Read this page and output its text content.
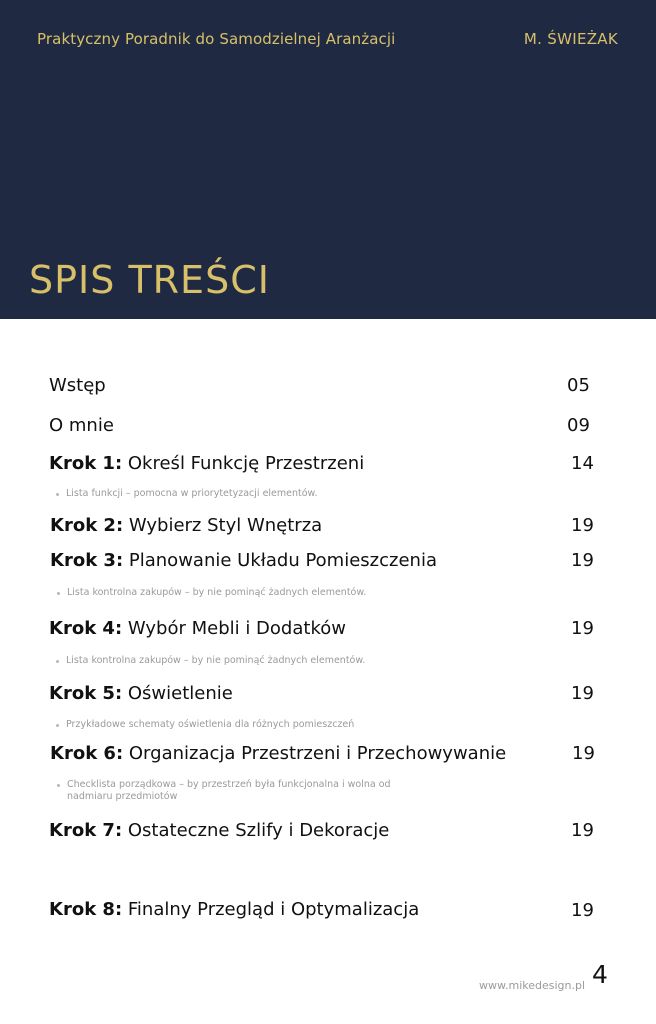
Praktyczny Poradnik do Samodzielnej Aranżacji	M. ŚWIEŻAK
SPIS TREŚCI
Wstęp	05
O mnie	09
Krok 1: Określ Funkcję Przestrzeni	14
Lista funkcji – pomocna w priorytetyzacji elementów.
Krok 2: Wybierz Styl Wnętrza	19
Krok 3: Planowanie Układu Pomieszczenia	19
Lista kontrolna zakupów – by nie pominąć żadnych elementów.
Krok 4: Wybór Mebli i Dodatków	19
Lista kontrolna zakupów – by nie pominąć żadnych elementów.
Krok 5: Oświetlenie	19
Przykładowe schematy oświetlenia dla różnych pomieszczeń
Krok 6: Organizacja Przestrzeni i Przechowywanie	19
Checklista porządkowa – by przestrzeń była funkcjonalna i wolna od
nadmiaru przedmiotów
Krok 7: Ostateczne Szlify i Dekoracje	19
Krok 8: Finalny Przegląd i Optymalizacja	19
www.mikedesign.pl 4
